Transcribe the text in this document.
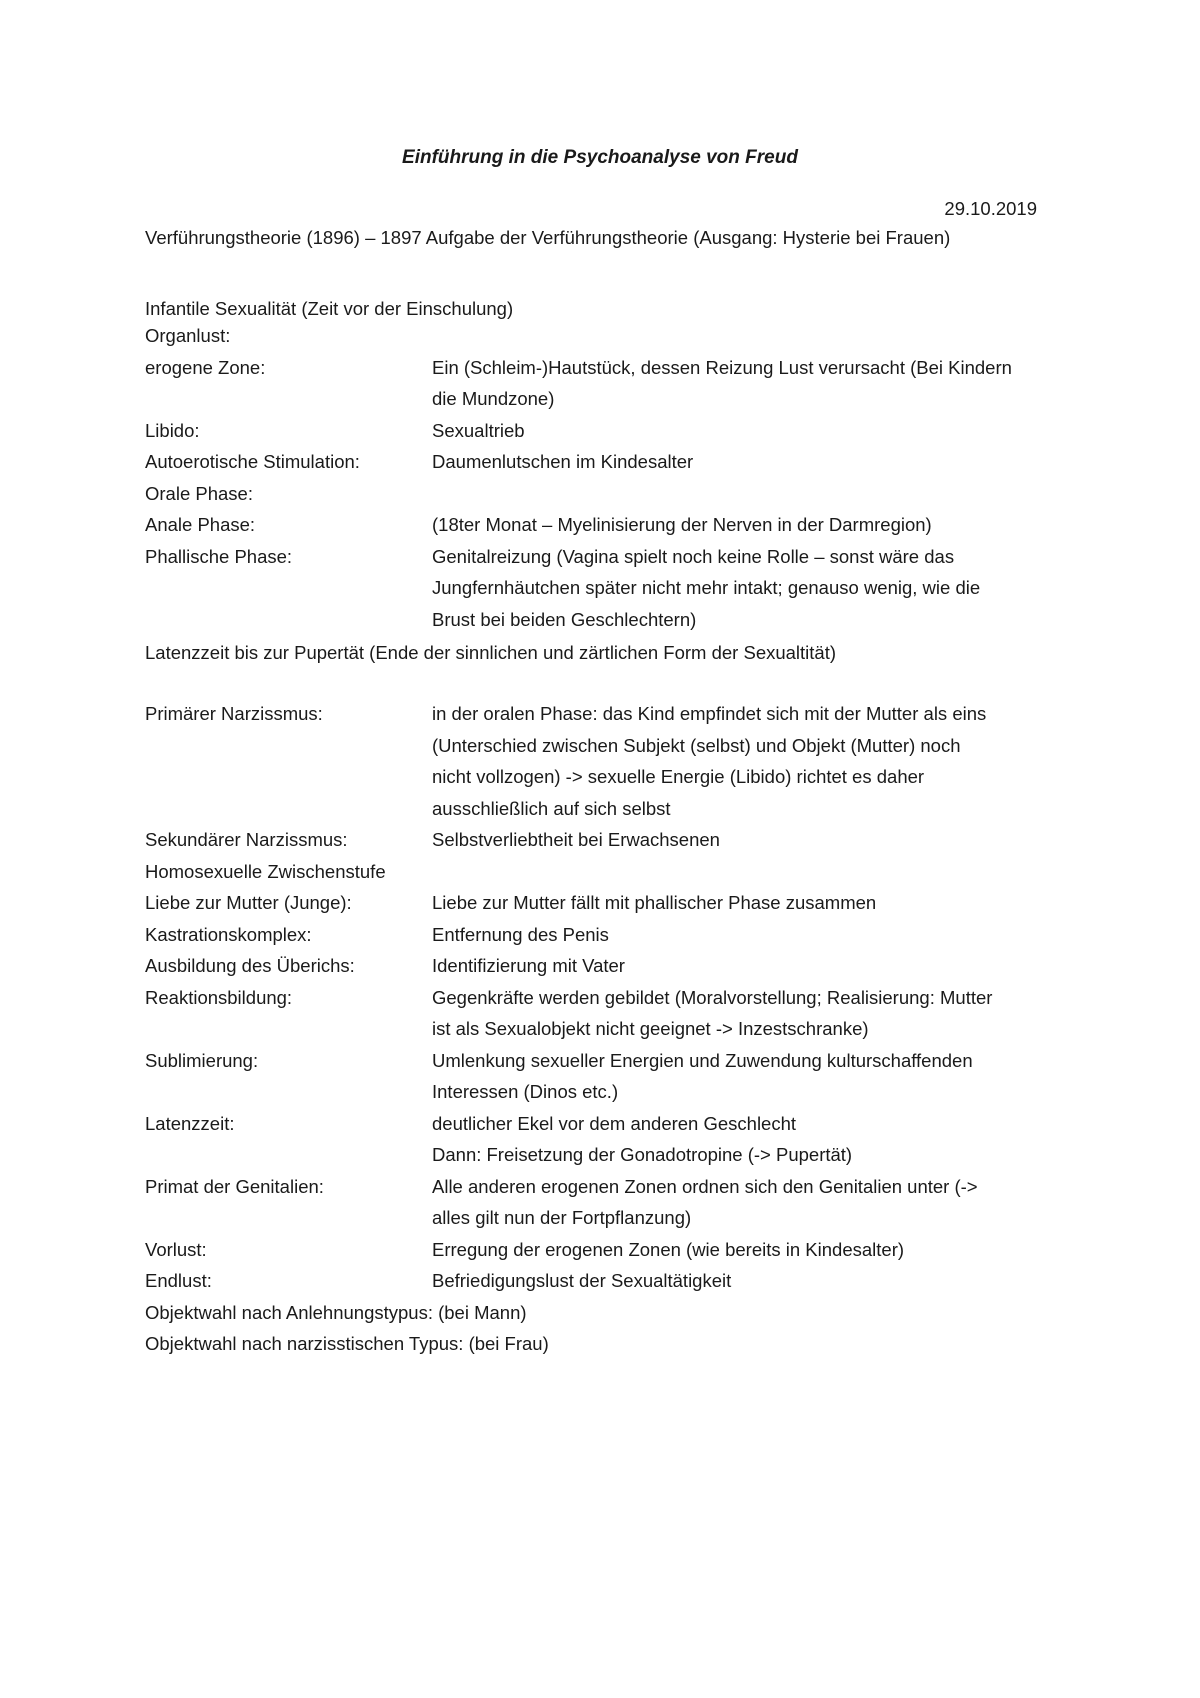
Einführung in die Psychoanalyse von Freud
29.10.2019
Verführungstheorie (1896) – 1897 Aufgabe der Verführungstheorie (Ausgang: Hysterie bei Frauen)
Infantile Sexualität (Zeit vor der Einschulung)
Organlust:
erogene Zone:	Ein (Schleim-)Hautstück, dessen Reizung Lust verursacht (Bei Kindern
die Mundzone)
Libido:	Sexualtrieb
Autoerotische Stimulation:	Daumenlutschen im Kindesalter
Orale Phase:
Anale Phase:	(18ter Monat – Myelinisierung der Nerven in der Darmregion)
Phallische Phase:	Genitalreizung (Vagina spielt noch keine Rolle – sonst wäre das
Jungfernhäutchen später nicht mehr intakt; genauso wenig, wie die
Brust bei beiden Geschlechtern)
Latenzzeit bis zur Pupertät (Ende der sinnlichen und zärtlichen Form der Sexualtität)
Primärer Narzissmus:	in der oralen Phase: das Kind empfindet sich mit der Mutter als eins
(Unterschied zwischen Subjekt (selbst) und Objekt (Mutter) noch
nicht vollzogen) -> sexuelle Energie (Libido) richtet es daher
ausschließlich auf sich selbst
Sekundärer Narzissmus:	Selbstverliebtheit bei Erwachsenen
Homosexuelle Zwischenstufe
Liebe zur Mutter (Junge):	Liebe zur Mutter fällt mit phallischer Phase zusammen
Kastrationskomplex:	Entfernung des Penis
Ausbildung des Überichs:	Identifizierung mit Vater
Reaktionsbildung:	Gegenkräfte werden gebildet (Moralvorstellung; Realisierung: Mutter
ist als Sexualobjekt nicht geeignet -> Inzestschranke)
Sublimierung:	Umlenkung sexueller Energien und Zuwendung kulturschaffenden
Interessen (Dinos etc.)
Latenzzeit:	deutlicher Ekel vor dem anderen Geschlecht
Dann: Freisetzung der Gonadotropine (-> Pupertät)
Primat der Genitalien:	Alle anderen erogenen Zonen ordnen sich den Genitalien unter (->
alles gilt nun der Fortpflanzung)
Vorlust:	Erregung der erogenen Zonen (wie bereits in Kindesalter)
Endlust:	Befriedigungslust der Sexualtätigkeit
Objektwahl nach Anlehnungstypus: (bei Mann)
Objektwahl nach narzisstischen Typus: (bei Frau)
